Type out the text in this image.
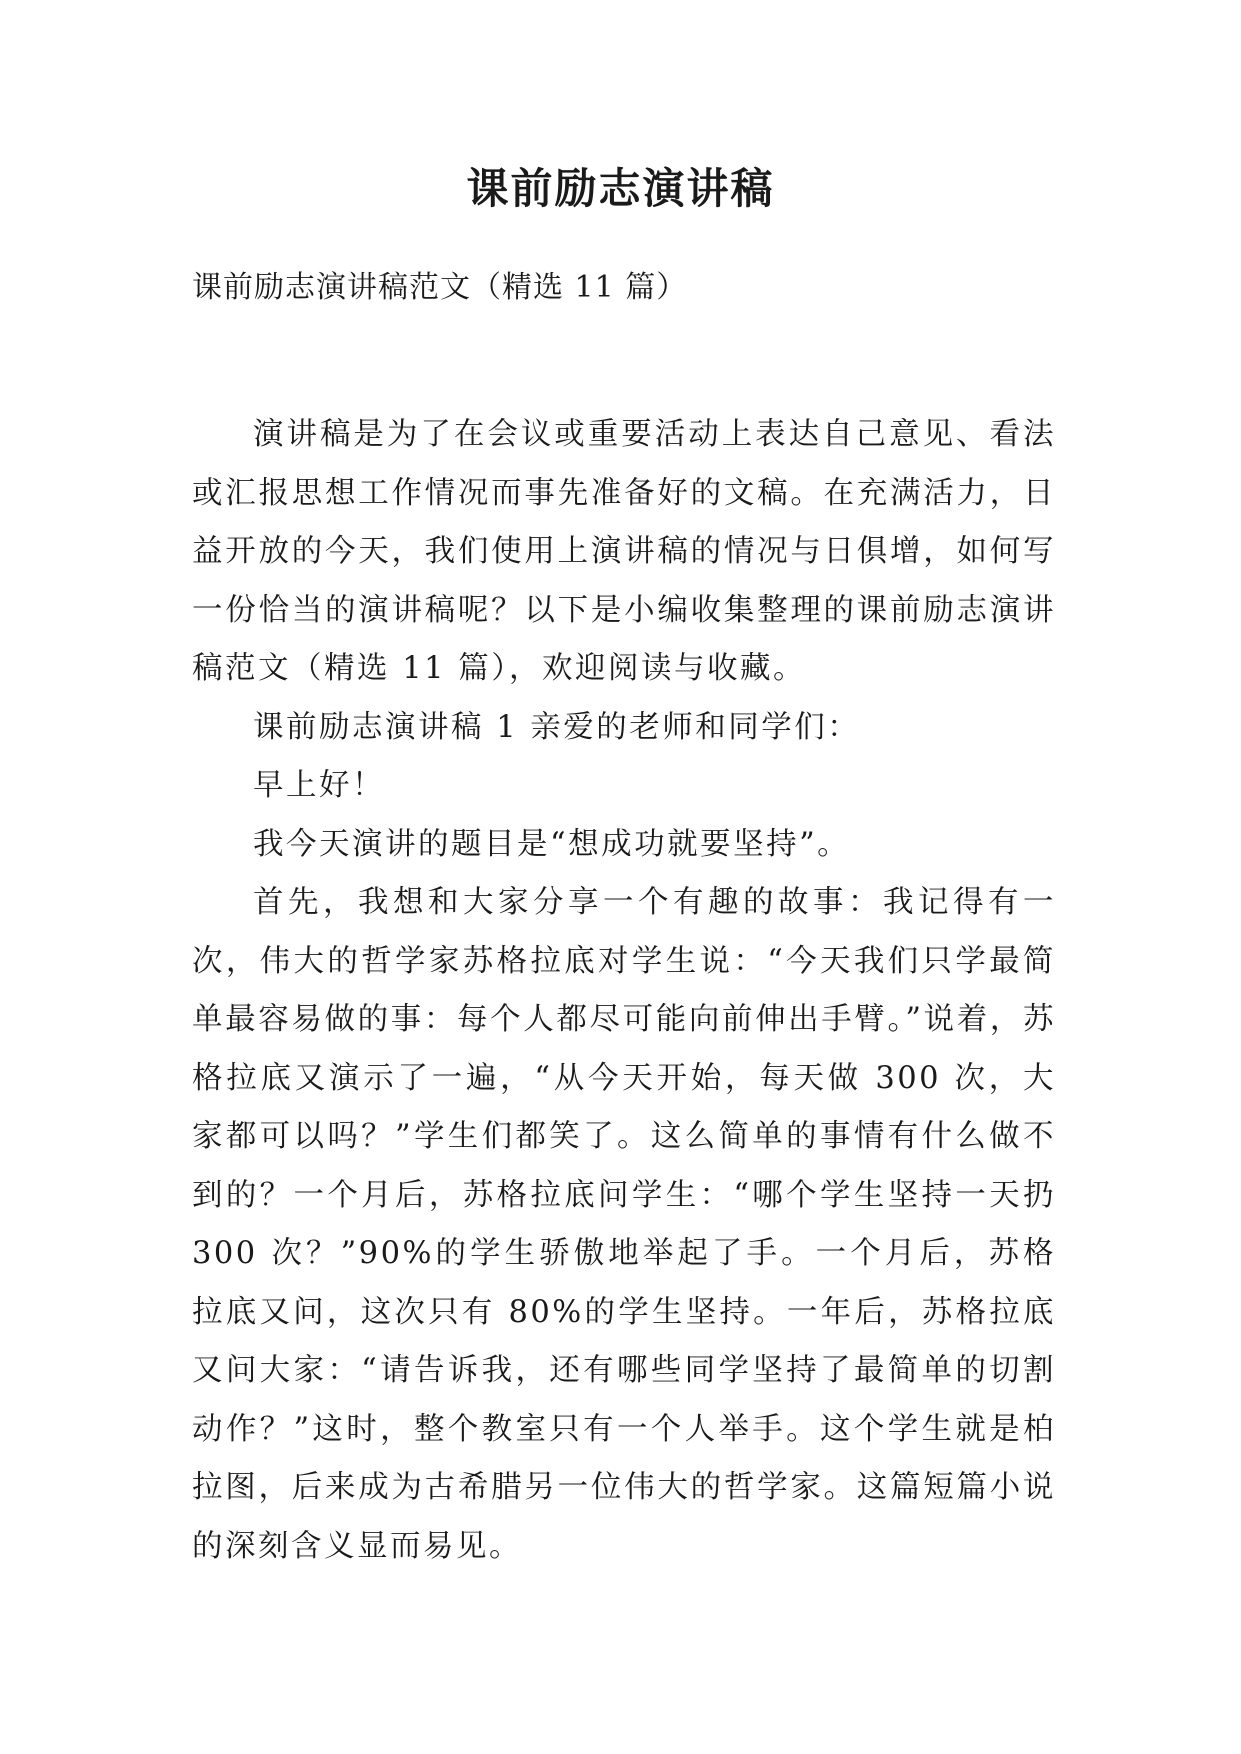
课前励志演讲稿
课前励志演讲稿范文（精选 11 篇）

演讲稿是为了在会议或重要活动上表达自己意见、看法或汇报思想工作情况而事先准备好的文稿。在充满活力，日益开放的今天，我们使用上演讲稿的情况与日俱增，如何写一份恰当的演讲稿呢？以下是小编收集整理的课前励志演讲稿范文（精选 11 篇），欢迎阅读与收藏。

课前励志演讲稿 1 亲爱的老师和同学们：

早上好！

我今天演讲的题目是“想成功就要坚持”。

首先，我想和大家分享一个有趣的故事：我记得有一次，伟大的哲学家苏格拉底对学生说：“今天我们只学最简单最容易做的事：每个人都尽可能向前伸出手臂。”说着，苏格拉底又演示了一遍，“从今天开始，每天做 300 次，大家都可以吗？”学生们都笑了。这么简单的事情有什么做不到的？一个月后，苏格拉底问学生：“哪个学生坚持一天扔 300 次？”90%的学生骄傲地举起了手。一个月后，苏格拉底又问，这次只有 80%的学生坚持。一年后，苏格拉底又问大家：“请告诉我，还有哪些同学坚持了最简单的切割动作？”这时，整个教室只有一个人举手。这个学生就是柏拉图，后来成为古希腊另一位伟大的哲学家。这篇短篇小说的深刻含义显而易见。
